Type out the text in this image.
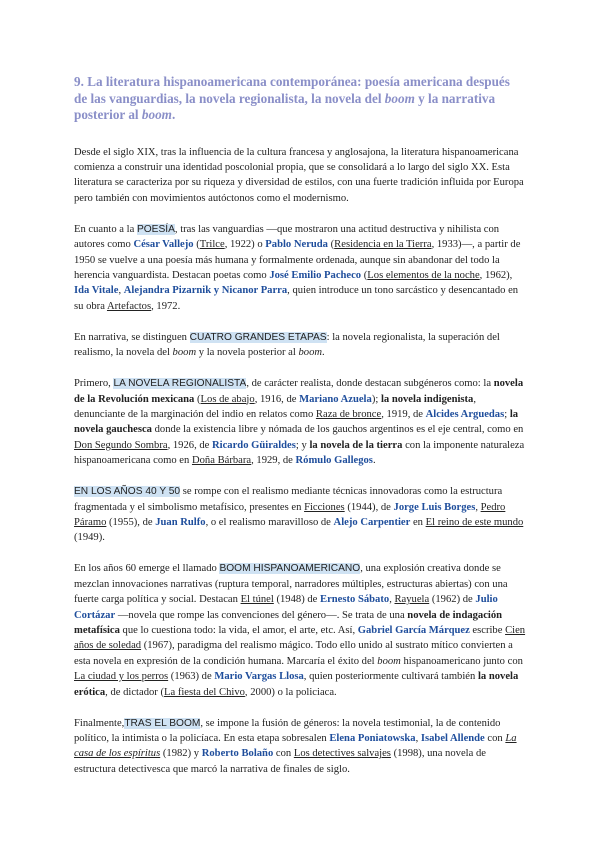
9. La literatura hispanoamericana contemporánea: poesía americana después de las vanguardias, la novela regionalista, la novela del boom y la narrativa posterior al boom.

Desde el siglo XIX, tras la influencia de la cultura francesa y anglosajona, la literatura hispanoamericana comienza a construir una identidad poscolonial propia, que se consolidará a lo largo del siglo XX. Esta literatura se caracteriza por su riqueza y diversidad de estilos, con una fuerte tradición influida por Europa pero también con movimientos autóctonos como el modernismo.

En cuanto a la POESÍA, tras las vanguardias —que mostraron una actitud destructiva y nihilista con autores como César Vallejo (Trilce, 1922) o Pablo Neruda (Residencia en la Tierra, 1933)—, a partir de 1950 se vuelve a una poesía más humana y formalmente ordenada, aunque sin abandonar del todo la herencia vanguardista. Destacan poetas como José Emilio Pacheco (Los elementos de la noche, 1962), Ida Vitale, Alejandra Pizarnik y Nicanor Parra, quien introduce un tono sarcástico y desencantado en su obra Artefactos, 1972.

En narrativa, se distinguen CUATRO GRANDES ETAPAS: la novela regionalista, la superación del realismo, la novela del boom y la novela posterior al boom.

Primero, LA NOVELA REGIONALISTA, de carácter realista, donde destacan subgéneros como: la novela de la Revolución mexicana (Los de abajo, 1916, de Mariano Azuela); la novela indigenista, denunciante de la marginación del indio en relatos como Raza de bronce, 1919, de Alcides Arguedas; la novela gauchesca donde la existencia libre y nómada de los gauchos argentinos es el eje central, como en Don Segundo Sombra, 1926, de Ricardo Güiraldes; y la novela de la tierra con la imponente naturaleza hispanoamericana como en Doña Bárbara, 1929, de Rómulo Gallegos.

EN LOS AÑOS 40 Y 50 se rompe con el realismo mediante técnicas innovadoras como la estructura fragmentada y el simbolismo metafísico, presentes en Ficciones (1944), de Jorge Luis Borges, Pedro Páramo (1955), de Juan Rulfo, o el realismo maravilloso de Alejo Carpentier en El reino de este mundo (1949).

En los años 60 emerge el llamado BOOM HISPANOAMERICANO, una explosión creativa donde se mezclan innovaciones narrativas (ruptura temporal, narradores múltiples, estructuras abiertas) con una fuerte carga política y social. Destacan El túnel (1948) de Ernesto Sábato, Rayuela (1962) de Julio Cortázar —novela que rompe las convenciones del género—. Se trata de una novela de indagación metafísica que lo cuestiona todo: la vida, el amor, el arte, etc. Así, Gabriel García Márquez escribe Cien años de soledad (1967), paradigma del realismo mágico. Todo ello unido al sustrato mítico convierten a esta novela en expresión de la condición humana. Marcaría el éxito del boom hispanoamericano junto con La ciudad y los perros (1963) de Mario Vargas Llosa, quien posteriormente cultivará también la novela erótica, de dictador (La fiesta del Chivo, 2000) o la policiaca.

Finalmente,TRAS EL BOOM, se impone la fusión de géneros: la novela testimonial, la de contenido político, la intimista o la policíaca. En esta etapa sobresalen Elena Poniatowska, Isabel Allende con La casa de los espíritus (1982) y Roberto Bolaño con Los detectives salvajes (1998), una novela de estructura detectivesca que marcó la narrativa de finales de siglo.
